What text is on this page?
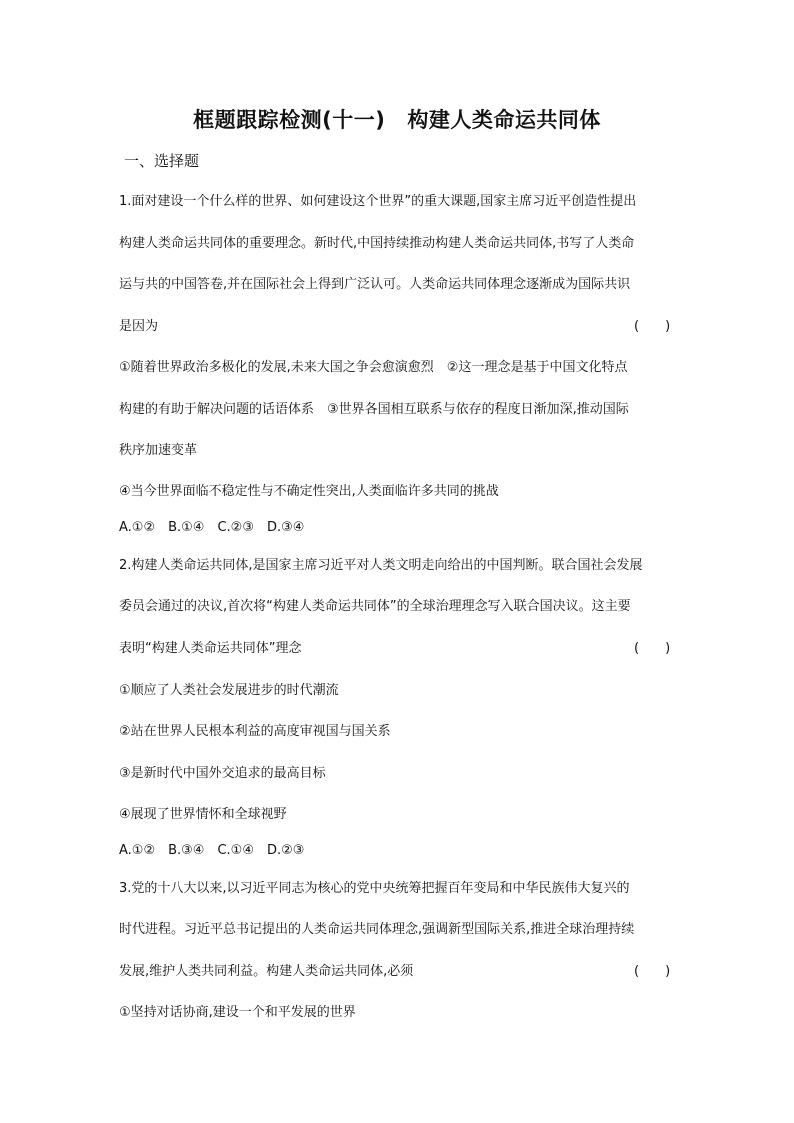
框题跟踪检测(十一) 构建人类命运共同体
一、选择题
1.面对建设一个什么样的世界、如何建设这个世界”的重大课题,国家主席习近平创造性提出
构建人类命运共同体的重要理念。新时代,中国持续推动构建人类命运共同体,书写了人类命
运与共的中国答卷,并在国际社会上得到广泛认可。人类命运共同体理念逐渐成为国际共识
是因为	(　　)
①随着世界政治多极化的发展,未来大国之争会愈演愈烈　②这一理念是基于中国文化特点
构建的有助于解决问题的话语体系　③世界各国相互联系与依存的程度日渐加深,推动国际
秩序加速变革
④当今世界面临不稳定性与不确定性突出,人类面临许多共同的挑战
A.①②　B.①④　C.②③　D.③④
2.构建人类命运共同体,是国家主席习近平对人类文明走向给出的中国判断。联合国社会发展
委员会通过的决议,首次将“构建人类命运共同体”的全球治理理念写入联合国决议。这主要
表明“构建人类命运共同体”理念	(　　)
①顺应了人类社会发展进步的时代潮流
②站在世界人民根本利益的高度审视国与国关系
③是新时代中国外交追求的最高目标
④展现了世界情怀和全球视野
A.①②　B.③④　C.①④　D.②③
3.党的十八大以来,以习近平同志为核心的党中央统筹把握百年变局和中华民族伟大复兴的
时代进程。习近平总书记提出的人类命运共同体理念,强调新型国际关系,推进全球治理持续
发展,维护人类共同利益。构建人类命运共同体,必须	(　　)
①坚持对话协商,建设一个和平发展的世界
